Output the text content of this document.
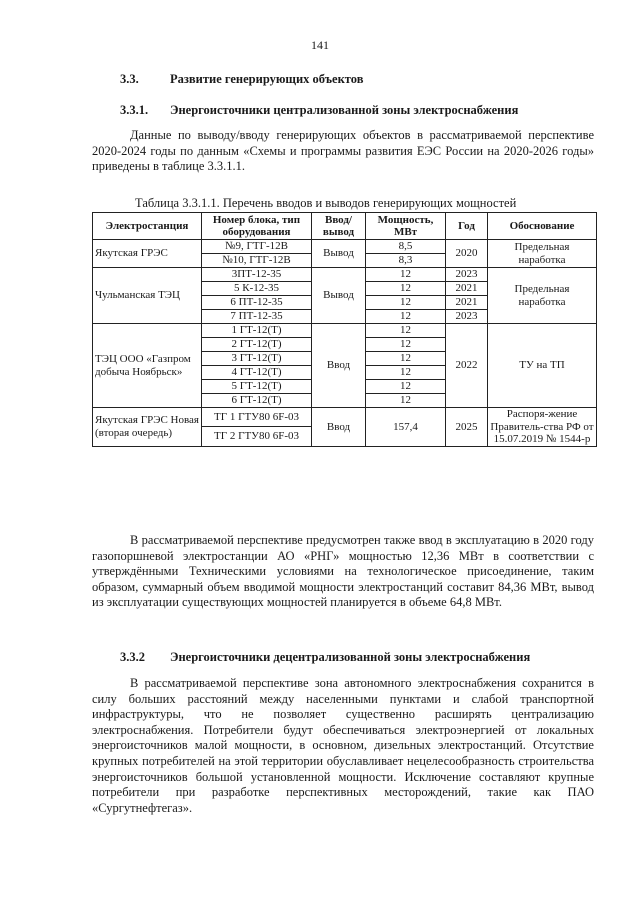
141
3.3.	Развитие генерирующих объектов
3.3.1. Энергоисточники централизованной зоны электроснабжения

Данные по выводу/вводу генерирующих объектов в рассматриваемой перспективе 2020-2024 годы по данным «Схемы и программы развития ЕЭС России на 2020-2026 годы» приведены в таблице 3.3.1.1.

Таблица 3.3.1.1. Перечень вводов и выводов генерирующих мощностей
Электростанция	Номер блока, тип оборудования	Ввод/ вывод	Мощность, МВт	Год	Обоснование
Якутская ГРЭС	№9, ГТГ-12В	Вывод	8,5	2020	Предельная наработка
	№10, ГТГ-12В		8,3		
Чульманская ТЭЦ	3ПТ-12-35	Вывод	12	2023	Предельная наработка
	5 К-12-35		12	2021	
	6 ПТ-12-35		12	2021	
	7 ПТ-12-35		12	2023	
ТЭЦ ООО «Газпром добыча Ноябрьск»	1 ГТ-12(Т)	Ввод	12	2022	ТУ на ТП
	2 ГТ-12(Т)		12		
	3 ГТ-12(Т)		12		
	4 ГТ-12(Т)		12		
	5 ГТ-12(Т)		12		
	6 ГТ-12(Т)		12		
Якутская ГРЭС Новая (вторая очередь)	ТГ 1 ГТУ80 6F-03	Ввод	157,4	2025	Распоря-жение Правитель-ства РФ от 15.07.2019 № 1544-р
	ТГ 2 ГТУ80 6F-03				

В рассматриваемой перспективе предусмотрен также ввод в эксплуатацию в 2020 году газопоршневой электростанции АО «РНГ» мощностью 12,36 МВт в соответствии с утверждёнными Техническими условиями на технологическое присоединение, таким образом, суммарный объем вводимой мощности электростанций составит 84,36 МВт, вывод из эксплуатации существующих мощностей планируется в объеме 64,8 МВт.

3.3.2 Энергоисточники децентрализованной зоны электроснабжения

В рассматриваемой перспективе зона автономного электроснабжения сохранится в силу больших расстояний между населенными пунктами и слабой транспортной инфраструктуры, что не позволяет существенно расширять централизацию электроснабжения. Потребители будут обеспечиваться электроэнергией от локальных энергоисточников малой мощности, в основном, дизельных электростанций. Отсутствие крупных потребителей на этой территории обуславливает нецелесообразность строительства энергоисточников большой установленной мощности. Исключение составляют крупные потребители при разработке перспективных месторождений, такие как ПАО «Сургутнефтегаз».
